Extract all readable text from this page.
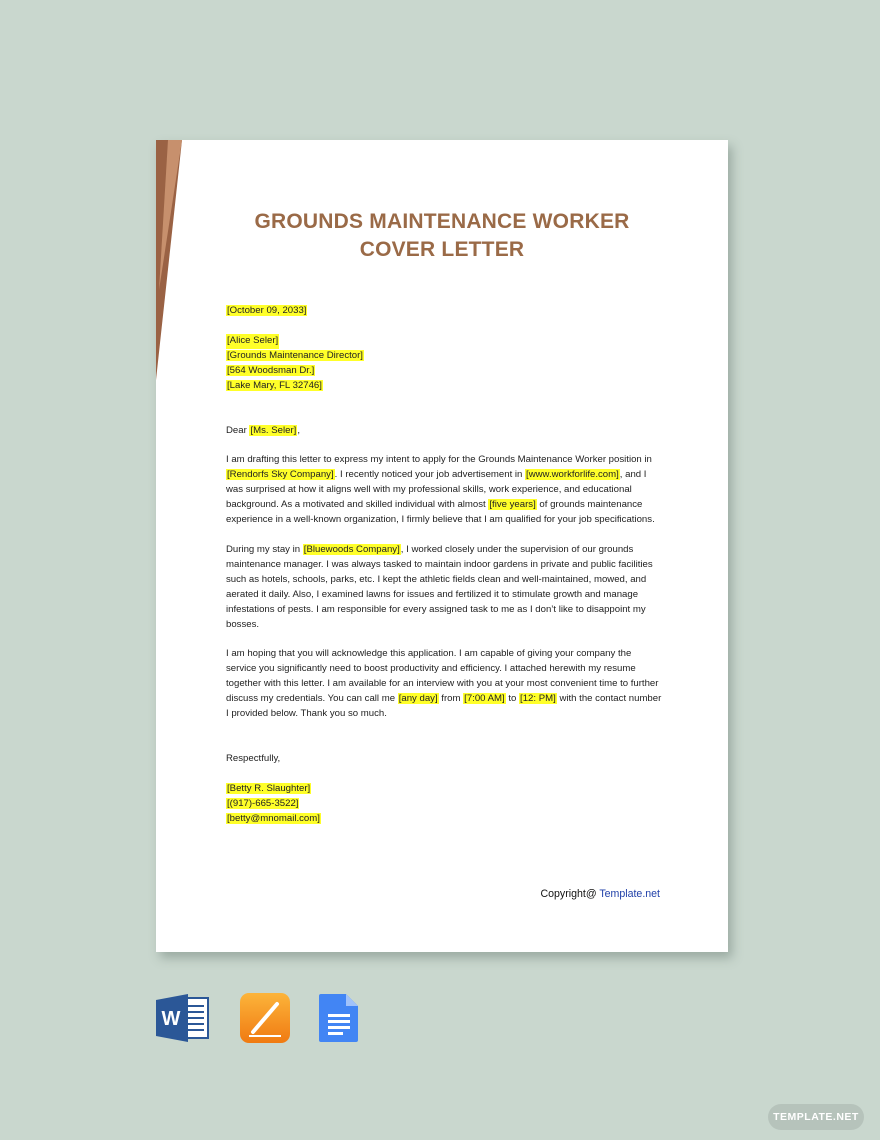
GROUNDS MAINTENANCE WORKER
COVER LETTER

[October 09, 2033]

[Alice Seler]
[Grounds Maintenance Director]
[564 Woodsman Dr.]
[Lake Mary, FL 32746]

Dear [Ms. Seler],

I am drafting this letter to express my intent to apply for the Grounds Maintenance Worker position in [Rendorfs Sky Company]. I recently noticed your job advertisement in [www.workforlife.com], and I was surprised at how it aligns well with my professional skills, work experience, and educational background. As a motivated and skilled individual with almost [five years] of grounds maintenance experience in a well-known organization, I firmly believe that I am qualified for your job specifications.

During my stay in [Bluewoods Company], I worked closely under the supervision of our grounds maintenance manager. I was always tasked to maintain indoor gardens in private and public facilities such as hotels, schools, parks, etc. I kept the athletic fields clean and well-maintained, mowed, and aerated it daily. Also, I examined lawns for issues and fertilized it to stimulate growth and manage infestations of pests. I am responsible for every assigned task to me as I don’t like to disappoint my bosses.

I am hoping that you will acknowledge this application. I am capable of giving your company the service you significantly need to boost productivity and efficiency. I attached herewith my resume together with this letter. I am available for an interview with you at your most convenient time to further discuss my credentials. You can call me [any day] from [7:00 AM] to [12: PM] with the contact number I provided below. Thank you so much.

Respectfully,

[Betty R. Slaughter]
[(917)-665-3522]
[betty@mnomail.com]
Copyright@ Template.net
W
TEMPLATE.NET
